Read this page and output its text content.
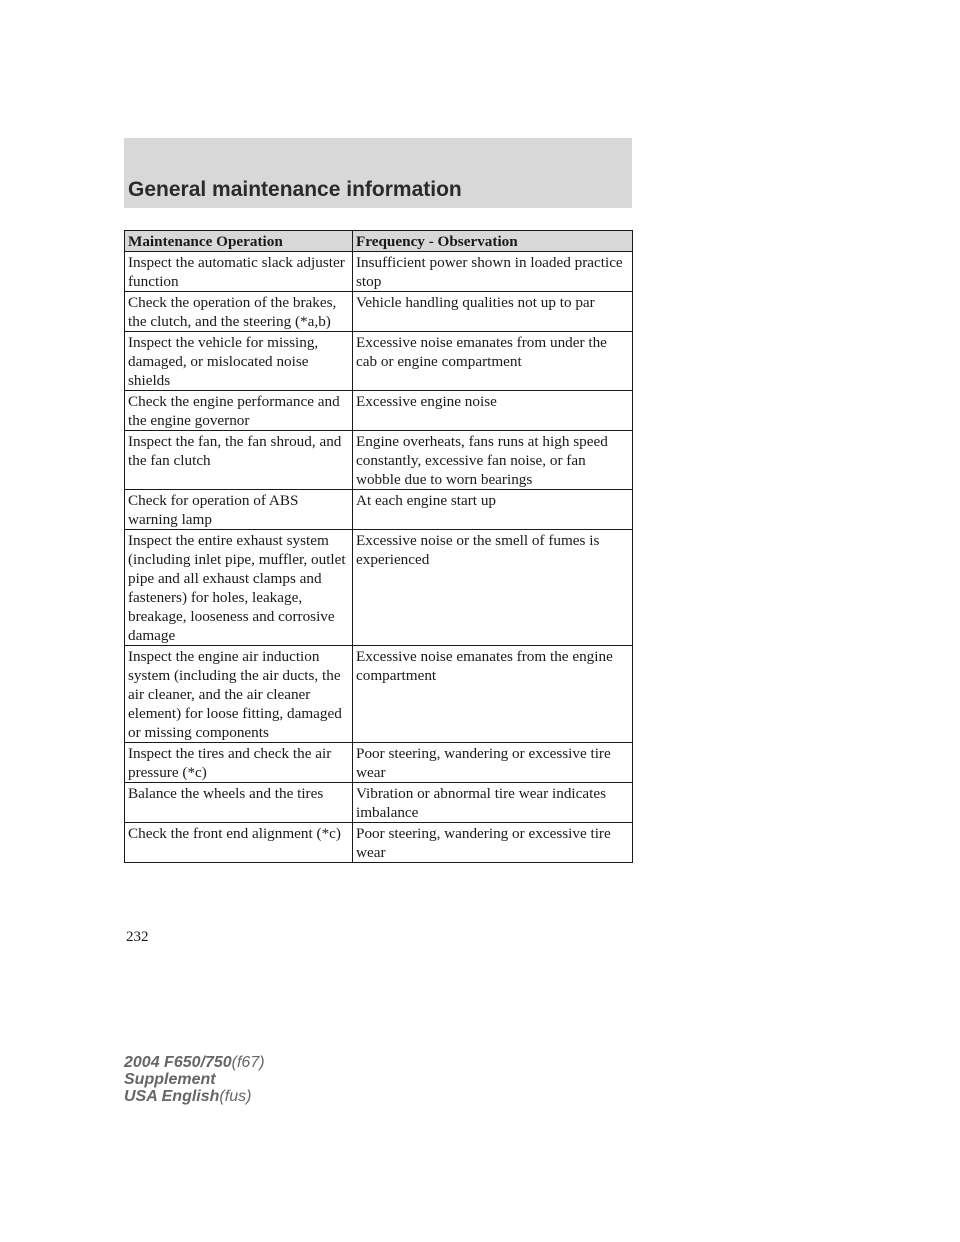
General maintenance information
Maintenance Operation	Frequency - Observation
Inspect the automatic slack adjuster function	Insufficient power shown in loaded practice stop
Check the operation of the brakes, the clutch, and the steering (*a,b)	Vehicle handling qualities not up to par
Inspect the vehicle for missing, damaged, or mislocated noise shields	Excessive noise emanates from under the cab or engine compartment
Check the engine performance and the engine governor	Excessive engine noise
Inspect the fan, the fan shroud, and the fan clutch	Engine overheats, fans runs at high speed constantly, excessive fan noise, or fan wobble due to worn bearings
Check for operation of ABS warning lamp	At each engine start up
Inspect the entire exhaust system (including inlet pipe, muffler, outlet pipe and all exhaust clamps and fasteners) for holes, leakage, breakage, looseness and corrosive damage	Excessive noise or the smell of fumes is experienced
Inspect the engine air induction system (including the air ducts, the air cleaner, and the air cleaner element) for loose fitting, damaged or missing components	Excessive noise emanates from the engine compartment
Inspect the tires and check the air pressure (*c)	Poor steering, wandering or excessive tire wear
Balance the wheels and the tires	Vibration or abnormal tire wear indicates imbalance
Check the front end alignment (*c)	Poor steering, wandering or excessive tire wear
232
2004 F650/750(f67)
Supplement
USA English(fus)
